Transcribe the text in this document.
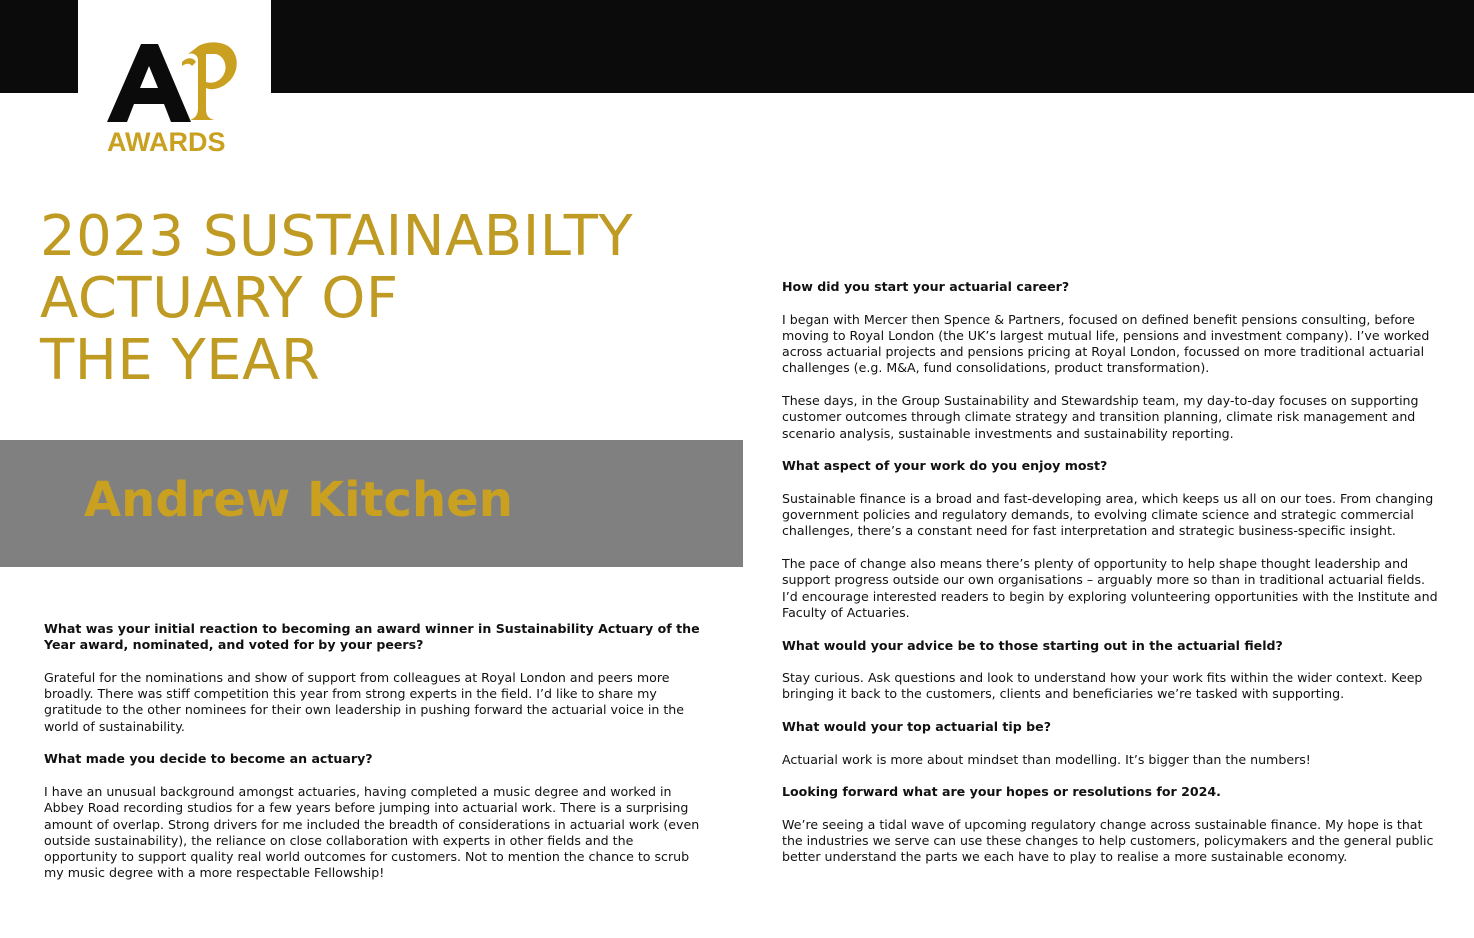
AWARDS
2023 SUSTAINABILTY
ACTUARY OF
THE YEAR
Andrew Kitchen

What was your initial reaction to becoming an award winner in Sustainability Actuary of the Year award, nominated, and voted for by your peers?

Grateful for the nominations and show of support from colleagues at Royal London and peers more broadly. There was stiff competition this year from strong experts in the field. I’d like to share my gratitude to the other nominees for their own leadership in pushing forward the actuarial voice in the world of sustainability.

What made you decide to become an actuary?

I have an unusual background amongst actuaries, having completed a music degree and worked in Abbey Road recording studios for a few years before jumping into actuarial work. There is a surprising amount of overlap. Strong drivers for me included the breadth of considerations in actuarial work (even outside sustainability), the reliance on close collaboration with experts in other fields and the opportunity to support quality real world outcomes for customers. Not to mention the chance to scrub my music degree with a more respectable Fellowship!

How did you start your actuarial career?

I began with Mercer then Spence & Partners, focused on defined benefit pensions consulting, before moving to Royal London (the UK’s largest mutual life, pensions and investment company). I’ve worked across actuarial projects and pensions pricing at Royal London, focussed on more traditional actuarial challenges (e.g. M&A, fund consolidations, product transformation).

These days, in the Group Sustainability and Stewardship team, my day-to-day focuses on supporting customer outcomes through climate strategy and transition planning, climate risk management and scenario analysis, sustainable investments and sustainability reporting.

What aspect of your work do you enjoy most?

Sustainable finance is a broad and fast-developing area, which keeps us all on our toes. From changing government policies and regulatory demands, to evolving climate science and strategic commercial challenges, there’s a constant need for fast interpretation and strategic business-specific insight.

The pace of change also means there’s plenty of opportunity to help shape thought leadership and support progress outside our own organisations – arguably more so than in traditional actuarial fields. I’d encourage interested readers to begin by exploring volunteering opportunities with the Institute and Faculty of Actuaries.

What would your advice be to those starting out in the actuarial field?

Stay curious. Ask questions and look to understand how your work fits within the wider context. Keep bringing it back to the customers, clients and beneficiaries we’re tasked with supporting.

What would your top actuarial tip be?

Actuarial work is more about mindset than modelling. It’s bigger than the numbers!

Looking forward what are your hopes or resolutions for 2024.

We’re seeing a tidal wave of upcoming regulatory change across sustainable finance. My hope is that the industries we serve can use these changes to help customers, policymakers and the general public better understand the parts we each have to play to realise a more sustainable economy.
